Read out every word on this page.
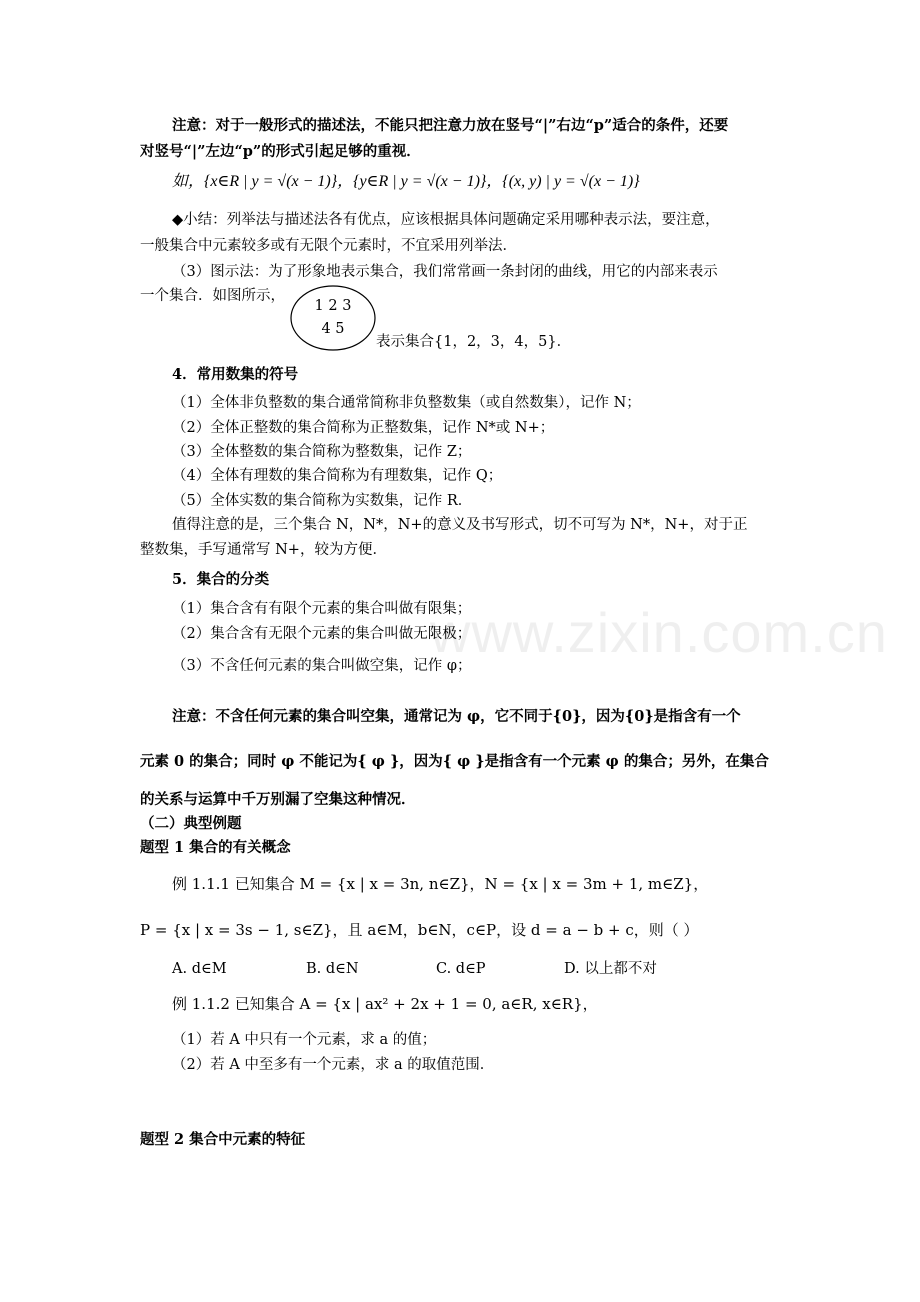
www.zixin.com.cn
注意：对于一般形式的描述法，不能只把注意力放在竖号“|”右边“p”适合的条件，还要
对竖号“|”左边“p”的形式引起足够的重视．
如，{x∈R | y = √(x − 1)}，{y∈R | y = √(x − 1)}，{(x, y) | y = √(x − 1)}
◆小结：列举法与描述法各有优点，应该根据具体问题确定采用哪种表示法，要注意，
一般集合中元素较多或有无限个元素时，不宜采用列举法．
（3）图示法：为了形象地表示集合，我们常常画一条封闭的曲线，用它的内部来表示
一个集合．如图所示，
1 2 3
4 5
表示集合{1，2，3，4，5}．
4．常用数集的符号
（1）全体非负整数的集合通常简称非负整数集（或自然数集），记作 N；
（2）全体正整数的集合简称为正整数集，记作 N*或 N+；
（3）全体整数的集合简称为整数集，记作 Z；
（4）全体有理数的集合简称为有理数集，记作 Q；
（5）全体实数的集合简称为实数集，记作 R．
值得注意的是，三个集合 N，N*，N+的意义及书写形式，切不可写为 N*，N+，对于正
整数集，手写通常写 N+，较为方便．
5．集合的分类
（1）集合含有有限个元素的集合叫做有限集；
（2）集合含有无限个元素的集合叫做无限极；
（3）不含任何元素的集合叫做空集，记作 φ；
注意：不含任何元素的集合叫空集，通常记为 φ，它不同于{0}，因为{0}是指含有一个
元素 0 的集合；同时 φ 不能记为{ φ }，因为{ φ }是指含有一个元素 φ 的集合；另外，在集合
的关系与运算中千万别漏了空集这种情况．
（二）典型例题
题型 1 集合的有关概念
例 1.1.1 已知集合 M = {x | x = 3n, n∈Z}，N = {x | x = 3m + 1, m∈Z}，
P = {x | x = 3s − 1, s∈Z}，且 a∈M，b∈N，c∈P，设 d = a − b + c，则（ ）
A. d∈M	B. d∈N	C. d∈P	D. 以上都不对
例 1.1.2 已知集合 A = {x | ax² + 2x + 1 = 0, a∈R, x∈R}，
（1）若 A 中只有一个元素，求 a 的值；
（2）若 A 中至多有一个元素，求 a 的取值范围．
题型 2 集合中元素的特征
